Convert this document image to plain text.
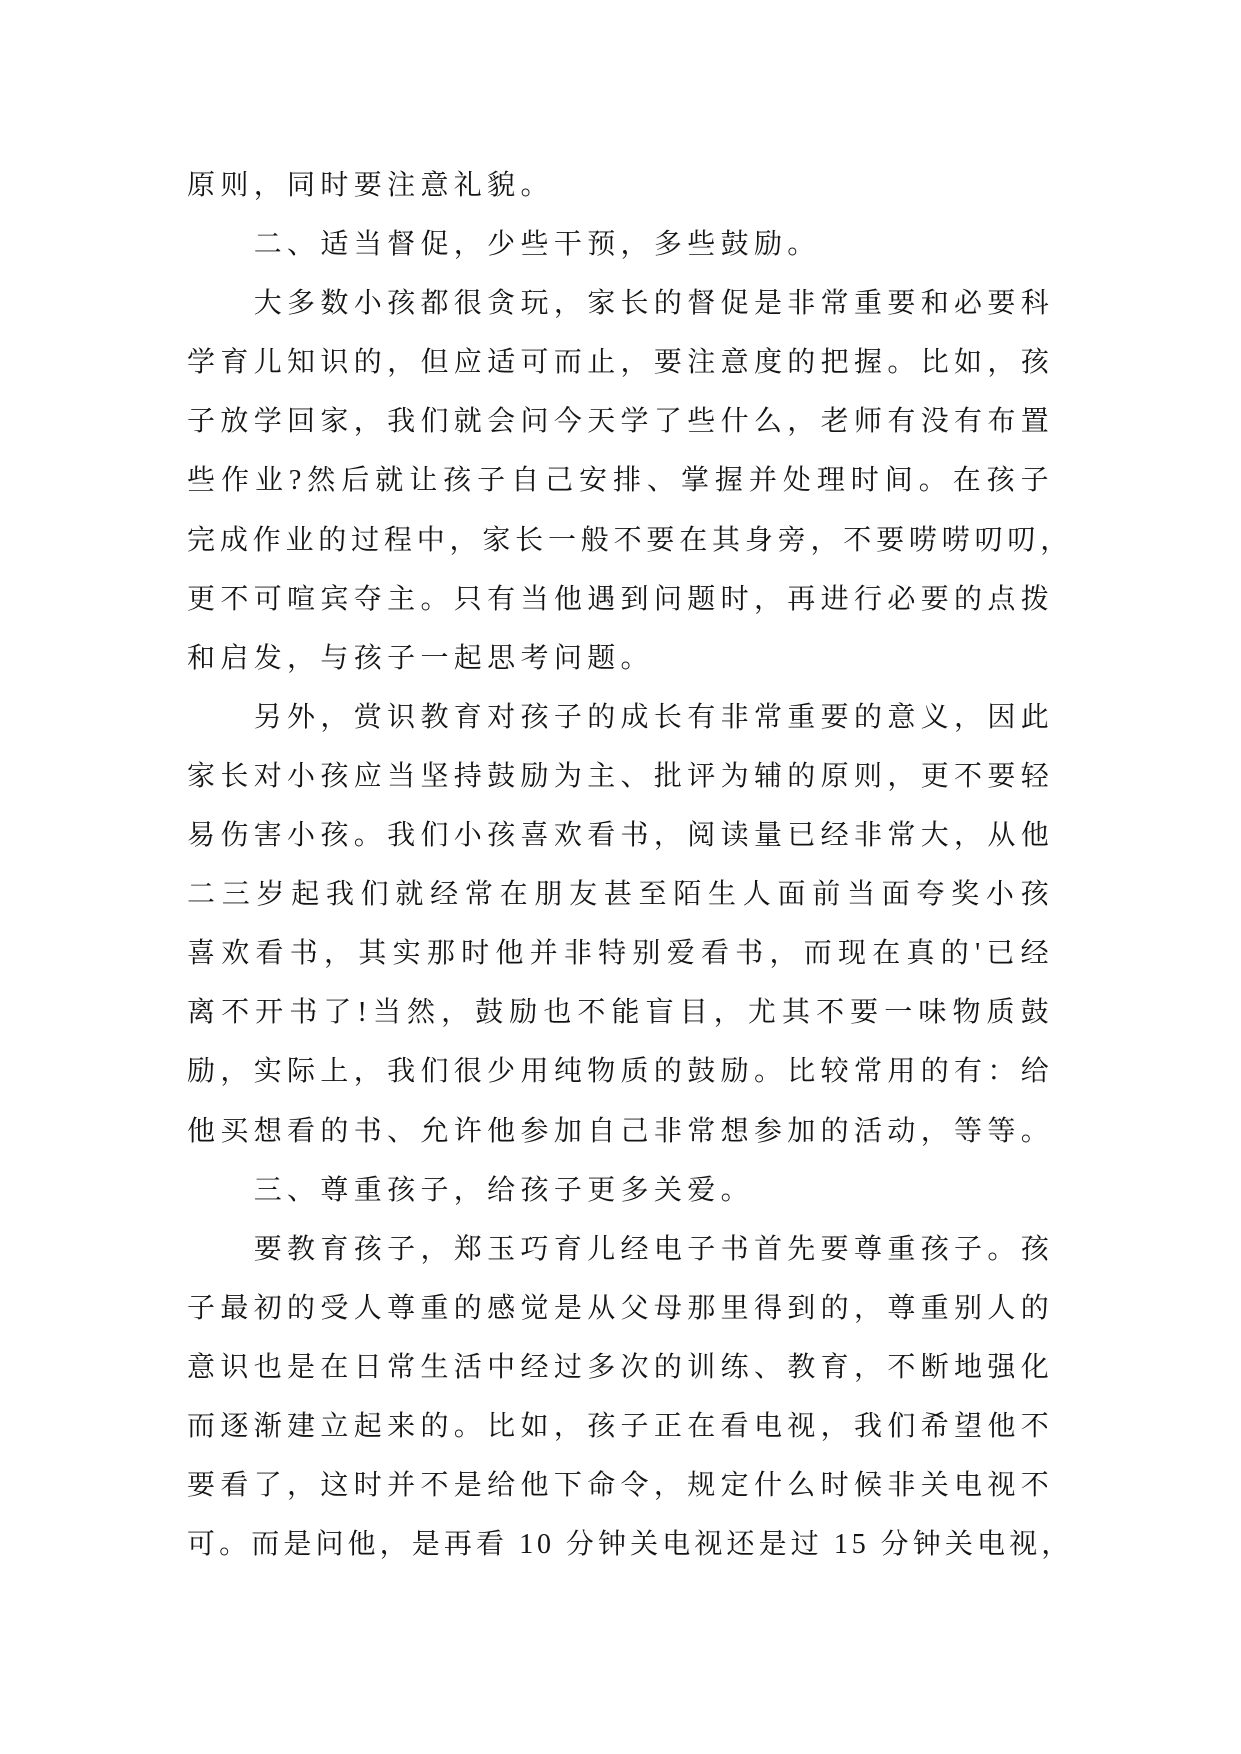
原则，同时要注意礼貌。
二、适当督促，少些干预，多些鼓励。
大多数小孩都很贪玩，家长的督促是非常重要和必要科
学育儿知识的，但应适可而止，要注意度的把握。比如，孩
子放学回家，我们就会问今天学了些什么，老师有没有布置
些作业?然后就让孩子自己安排、掌握并处理时间。在孩子
完成作业的过程中，家长一般不要在其身旁，不要唠唠叨叨，
更不可喧宾夺主。只有当他遇到问题时，再进行必要的点拨
和启发，与孩子一起思考问题。
另外，赏识教育对孩子的成长有非常重要的意义，因此
家长对小孩应当坚持鼓励为主、批评为辅的原则，更不要轻
易伤害小孩。我们小孩喜欢看书，阅读量已经非常大，从他
二三岁起我们就经常在朋友甚至陌生人面前当面夸奖小孩
喜欢看书，其实那时他并非特别爱看书，而现在真的'已经
离不开书了!当然，鼓励也不能盲目，尤其不要一味物质鼓
励，实际上，我们很少用纯物质的鼓励。比较常用的有：给
他买想看的书、允许他参加自己非常想参加的活动，等等。
三、尊重孩子，给孩子更多关爱。
要教育孩子，郑玉巧育儿经电子书首先要尊重孩子。孩
子最初的受人尊重的感觉是从父母那里得到的，尊重别人的
意识也是在日常生活中经过多次的训练、教育，不断地强化
而逐渐建立起来的。比如，孩子正在看电视，我们希望他不
要看了，这时并不是给他下命令，规定什么时候非关电视不
可。而是问他，是再看 10 分钟关电视还是过 15 分钟关电视，
